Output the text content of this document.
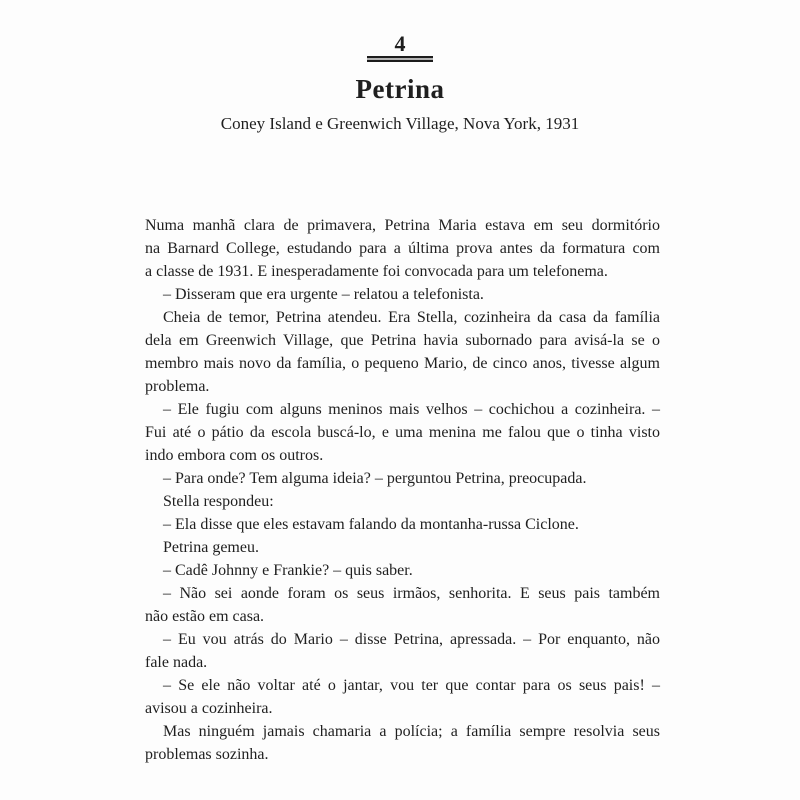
4
Petrina
Coney Island e Greenwich Village, Nova York, 1931
Numa manhã clara de primavera, Petrina Maria estava em seu dormitório
na Barnard College, estudando para a última prova antes da formatura com
a classe de 1931. E inesperadamente foi convocada para um telefonema.
– Disseram que era urgente – relatou a telefonista.
Cheia de temor, Petrina atendeu. Era Stella, cozinheira da casa da família
dela em Greenwich Village, que Petrina havia subornado para avisá-la se o
membro mais novo da família, o pequeno Mario, de cinco anos, tivesse algum
problema.
– Ele fugiu com alguns meninos mais velhos – cochichou a cozinheira. –
Fui até o pátio da escola buscá-lo, e uma menina me falou que o tinha visto
indo embora com os outros.
– Para onde? Tem alguma ideia? – perguntou Petrina, preocupada.
Stella respondeu:
– Ela disse que eles estavam falando da montanha-russa Ciclone.
Petrina gemeu.
– Cadê Johnny e Frankie? – quis saber.
– Não sei aonde foram os seus irmãos, senhorita. E seus pais também
não estão em casa.
– Eu vou atrás do Mario – disse Petrina, apressada. – Por enquanto, não
fale nada.
– Se ele não voltar até o jantar, vou ter que contar para os seus pais! –
avisou a cozinheira.
Mas ninguém jamais chamaria a polícia; a família sempre resolvia seus
problemas sozinha.
